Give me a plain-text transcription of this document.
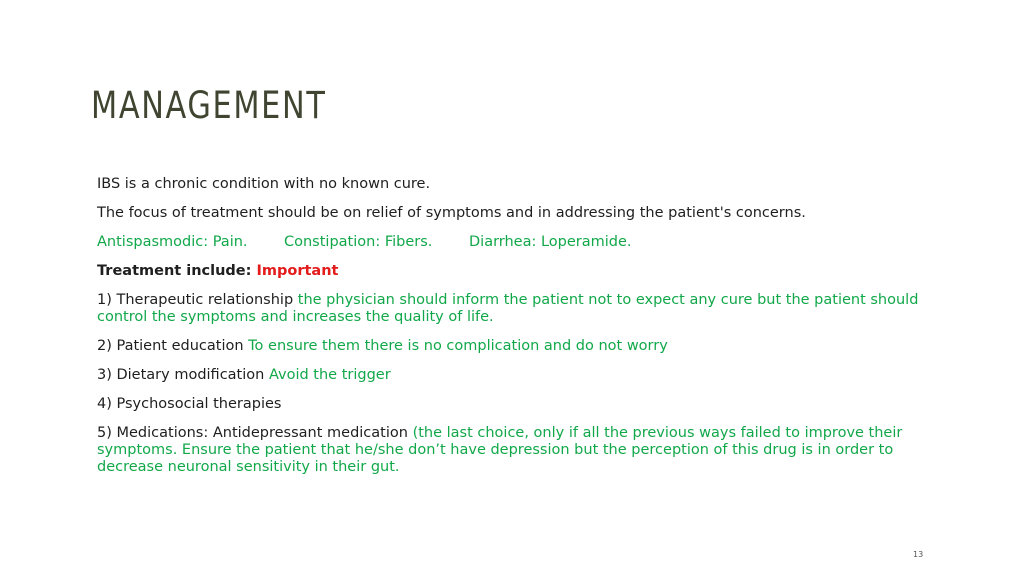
MANAGEMENT

IBS is a chronic condition with no known cure.

The focus of treatment should be on relief of symptoms and in addressing the patient's concerns.

Antispasmodic: Pain.	Constipation: Fibers.	Diarrhea: Loperamide.

Treatment include: Important

1) Therapeutic relationship the physician should inform the patient not to expect any cure but the patient should control the symptoms and increases the quality of life.

2) Patient education To ensure them there is no complication and do not worry

3) Dietary modification Avoid the trigger

4) Psychosocial therapies

5) Medications: Antidepressant medication (the last choice, only if all the previous ways failed to improve their symptoms. Ensure the patient that he/she don’t have depression but the perception of this drug is in order to decrease neuronal sensitivity in their gut.

13
